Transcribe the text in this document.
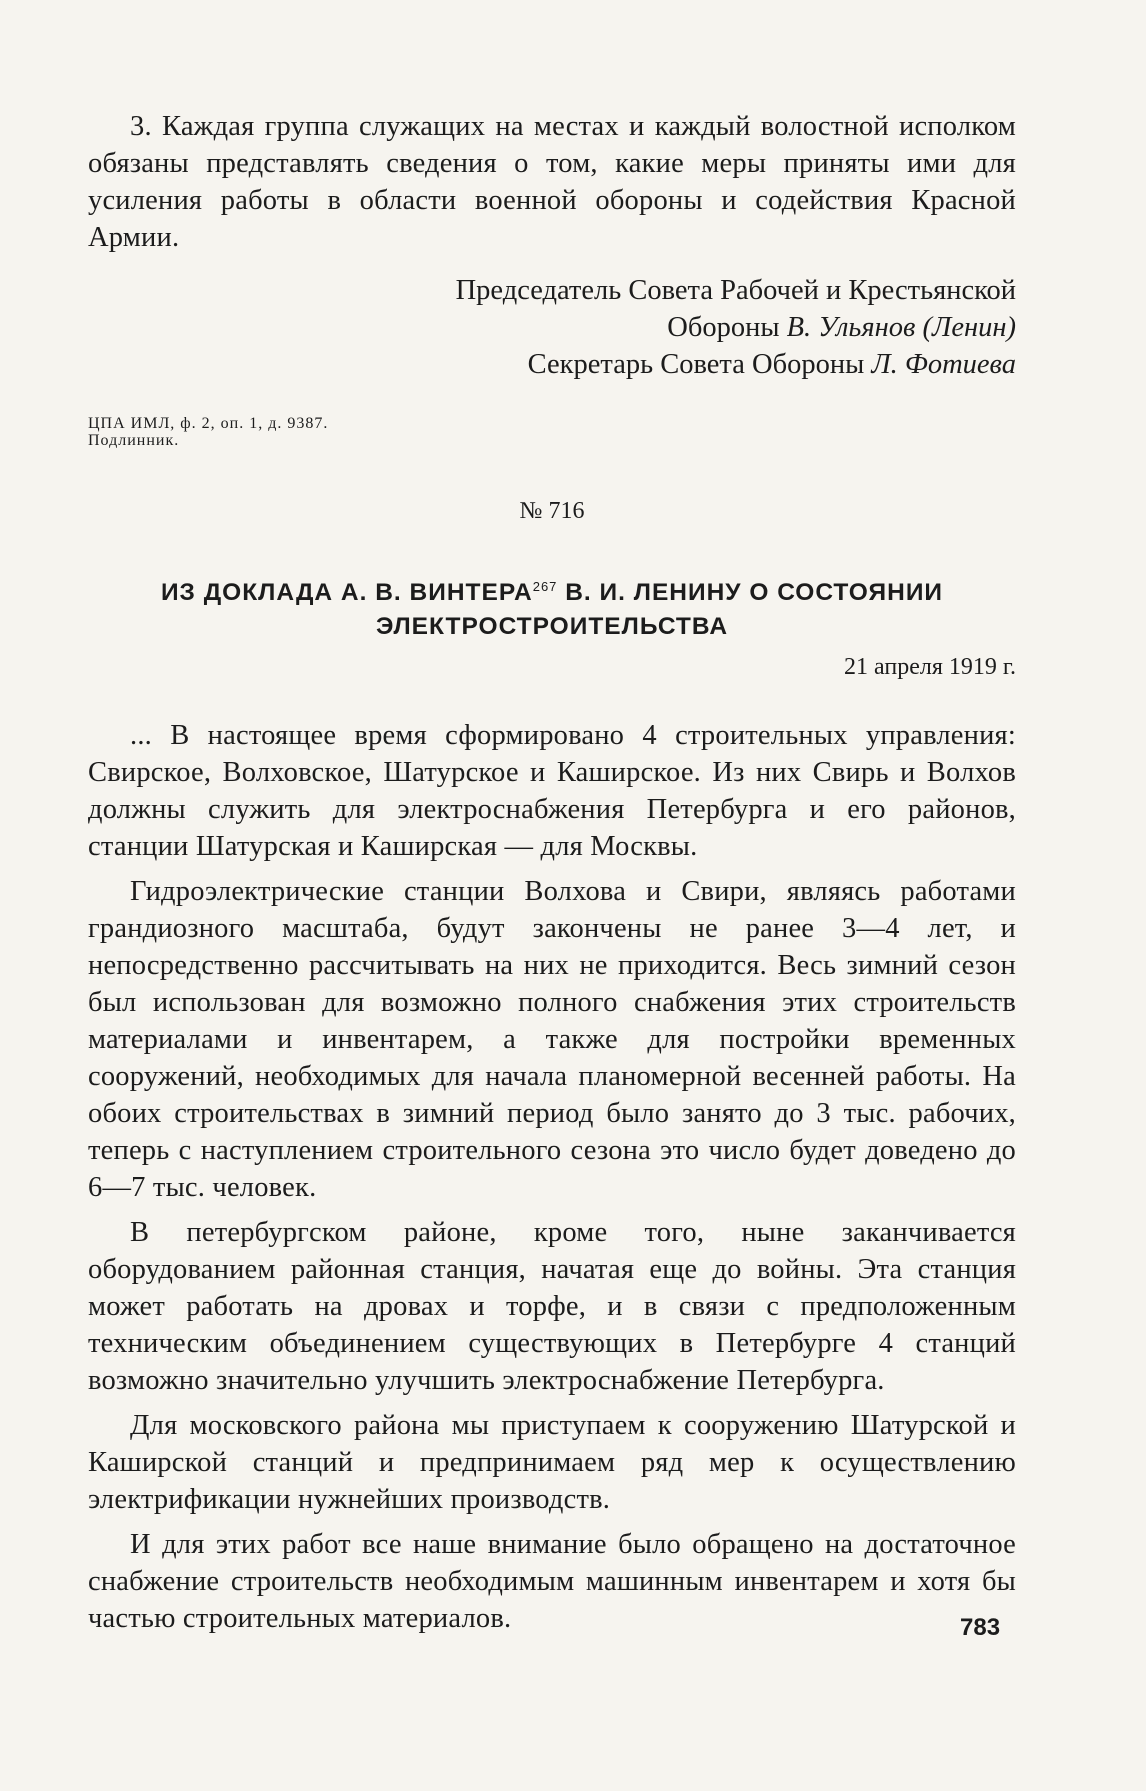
3. Каждая группа служащих на местах и каждый волостной исполком обязаны представлять сведения о том, какие меры приняты ими для усиления работы в области военной обороны и содействия Красной Армии.

Председатель Совета Рабочей и Крестьянской

Обороны В. Ульянов (Ленин)

Секретарь Совета Обороны Л. Фотиева

ЦПА ИМЛ, ф. 2, оп. 1, д. 9387.
Подлинник.
№ 716
ИЗ ДОКЛАДА А. В. ВИНТЕРА$^{267}$ В. И. ЛЕНИНУ О СОСТОЯНИИ
ЭЛЕКТРОСТРОИТЕЛЬСТВА
21 апреля 1919 г.

... В настоящее время сформировано 4 строительных управления: Свирское, Волховское, Шатурское и Каширское. Из них Свирь и Волхов должны служить для электроснабжения Петербурга и его районов, станции Шатурская и Каширская — для Москвы.

Гидроэлектрические станции Волхова и Свири, являясь работами грандиозного масштаба, будут закончены не ранее 3—4 лет, и непосредственно рассчитывать на них не приходится. Весь зимний сезон был использован для возможно полного снабжения этих строительств материалами и инвентарем, а также для постройки временных сооружений, необходимых для начала планомерной весенней работы. На обоих строительствах в зимний период было занято до 3 тыс. рабочих, теперь с наступлением строительного сезона это число будет доведено до 6—7 тыс. человек.

В петербургском районе, кроме того, ныне заканчивается оборудованием районная станция, начатая еще до войны. Эта станция может работать на дровах и торфе, и в связи с предположенным техническим объединением существующих в Петербурге 4 станций возможно значительно улучшить электроснабжение Петербурга.

Для московского района мы приступаем к сооружению Шатурской и Каширской станций и предпринимаем ряд мер к осуществлению электрификации нужнейших производств.

И для этих работ все наше внимание было обращено на достаточное снабжение строительств необходимым машинным инвентарем и хотя бы частью строительных материалов.	783
